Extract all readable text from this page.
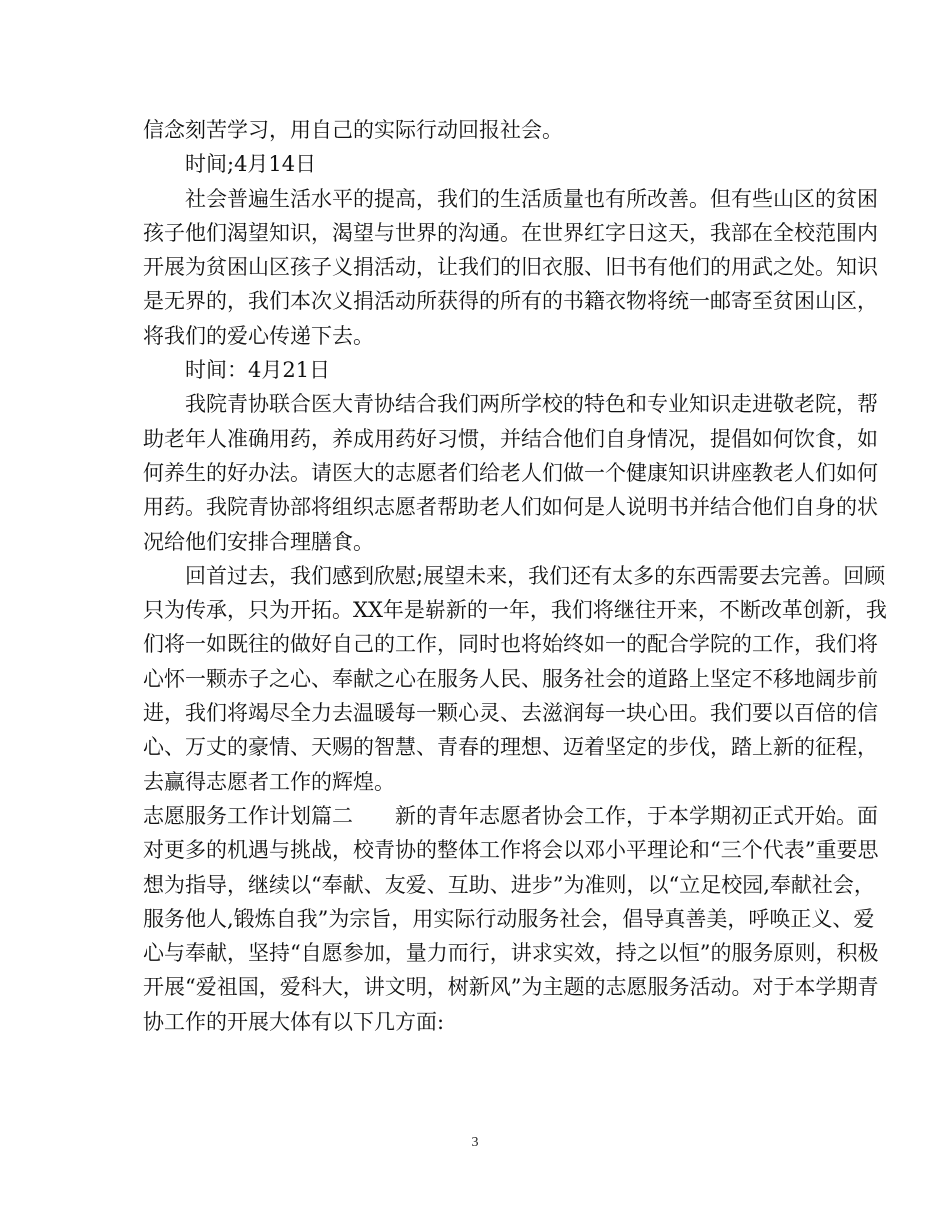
信念刻苦学习，用自己的实际行动回报社会。
时间;4月14日
社会普遍生活水平的提高，我们的生活质量也有所改善。但有些山区的贫困
孩子他们渴望知识，渴望与世界的沟通。在世界红字日这天，我部在全校范围内
开展为贫困山区孩子义捐活动，让我们的旧衣服、旧书有他们的用武之处。知识
是无界的，我们本次义捐活动所获得的所有的书籍衣物将统一邮寄至贫困山区，
将我们的爱心传递下去。
时间：4月21日
我院青协联合医大青协结合我们两所学校的特色和专业知识走进敬老院，帮
助老年人准确用药，养成用药好习惯，并结合他们自身情况，提倡如何饮食，如
何养生的好办法。请医大的志愿者们给老人们做一个健康知识讲座教老人们如何
用药。我院青协部将组织志愿者帮助老人们如何是人说明书并结合他们自身的状
况给他们安排合理膳食。
回首过去，我们感到欣慰;展望未来，我们还有太多的东西需要去完善。回顾
只为传承，只为开拓。XX年是崭新的一年，我们将继往开来，不断改革创新，我
们将一如既往的做好自己的工作，同时也将始终如一的配合学院的工作，我们将
心怀一颗赤子之心、奉献之心在服务人民、服务社会的道路上坚定不移地阔步前
进，我们将竭尽全力去温暖每一颗心灵、去滋润每一块心田。我们要以百倍的信
心、万丈的豪情、天赐的智慧、青春的理想、迈着坚定的步伐，踏上新的征程，
去赢得志愿者工作的辉煌。
志愿服务工作计划篇二　　新的青年志愿者协会工作，于本学期初正式开始。面
对更多的机遇与挑战，校青协的整体工作将会以邓小平理论和“三个代表”重要思
想为指导，继续以“奉献、友爱、互助、进步”为准则，以“立足校园,奉献社会，
服务他人,锻炼自我”为宗旨，用实际行动服务社会，倡导真善美，呼唤正义、爱
心与奉献，坚持“自愿参加，量力而行，讲求实效，持之以恒”的服务原则，积极
开展“爱祖国，爱科大，讲文明，树新风”为主题的志愿服务活动。对于本学期青
协工作的开展大体有以下几方面:
3
